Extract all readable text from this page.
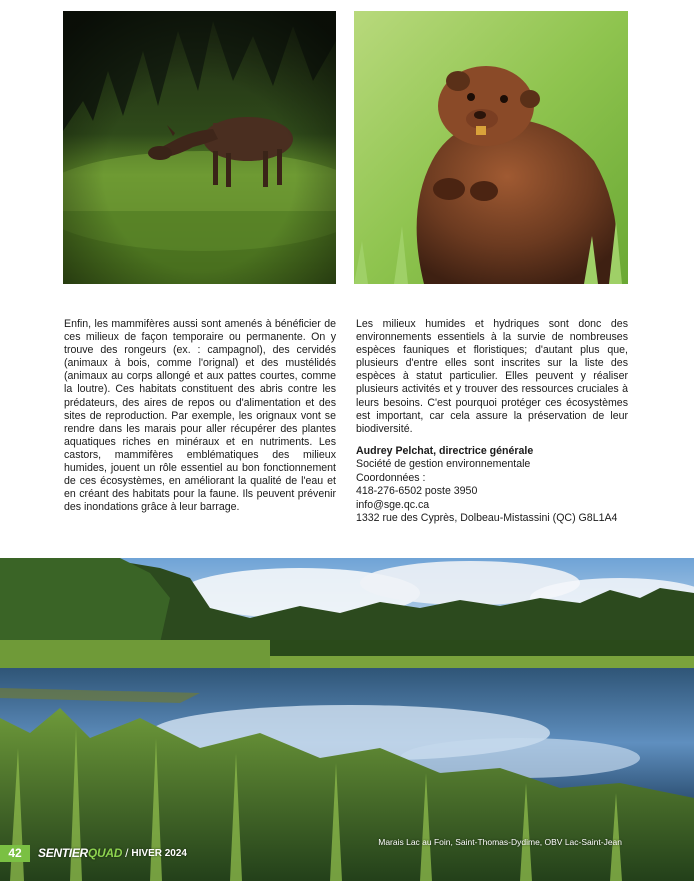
Enfin, les mammifères aussi sont amenés à bénéficier de ces milieux de façon temporaire ou permanente. On y trouve des rongeurs (ex. : campagnol), des cervidés (animaux à bois, comme l'orignal) et des mustélidés (animaux au corps allongé et aux pattes courtes, comme la loutre). Ces habitats constituent des abris contre les prédateurs, des aires de repos ou d'alimentation et des sites de reproduction. Par exemple, les orignaux vont se rendre dans les marais pour aller récupérer des plantes aquatiques riches en minéraux et en nutriments. Les castors, mammifères emblématiques des milieux humides, jouent un rôle essentiel au bon fonctionnement de ces écosystèmes, en améliorant la qualité de l'eau et en créant des habitats pour la faune. Ils peuvent prévenir des inondations grâce à leur barrage.

Les milieux humides et hydriques sont donc des environnements essentiels à la survie de nombreuses espèces fauniques et floristiques; d'autant plus que, plusieurs d'entre elles sont inscrites sur la liste des espèces à statut particulier. Elles peuvent y réaliser plusieurs activités et y trouver des ressources cruciales à leurs besoins. C'est pourquoi protéger ces écosystèmes est important, car cela assure la préservation de leur biodiversité.

Audrey Pelchat, directrice générale
Société de gestion environnementale
Coordonnées :
418-276-6502 poste 3950
info@sge.qc.ca
1332 rue des Cyprès, Dolbeau-Mistassini (QC) G8L1A4
42	SENTIERQUAD / HIVER 2024
Marais Lac au Foin, Saint-Thomas-Dydime, OBV Lac-Saint-Jean
